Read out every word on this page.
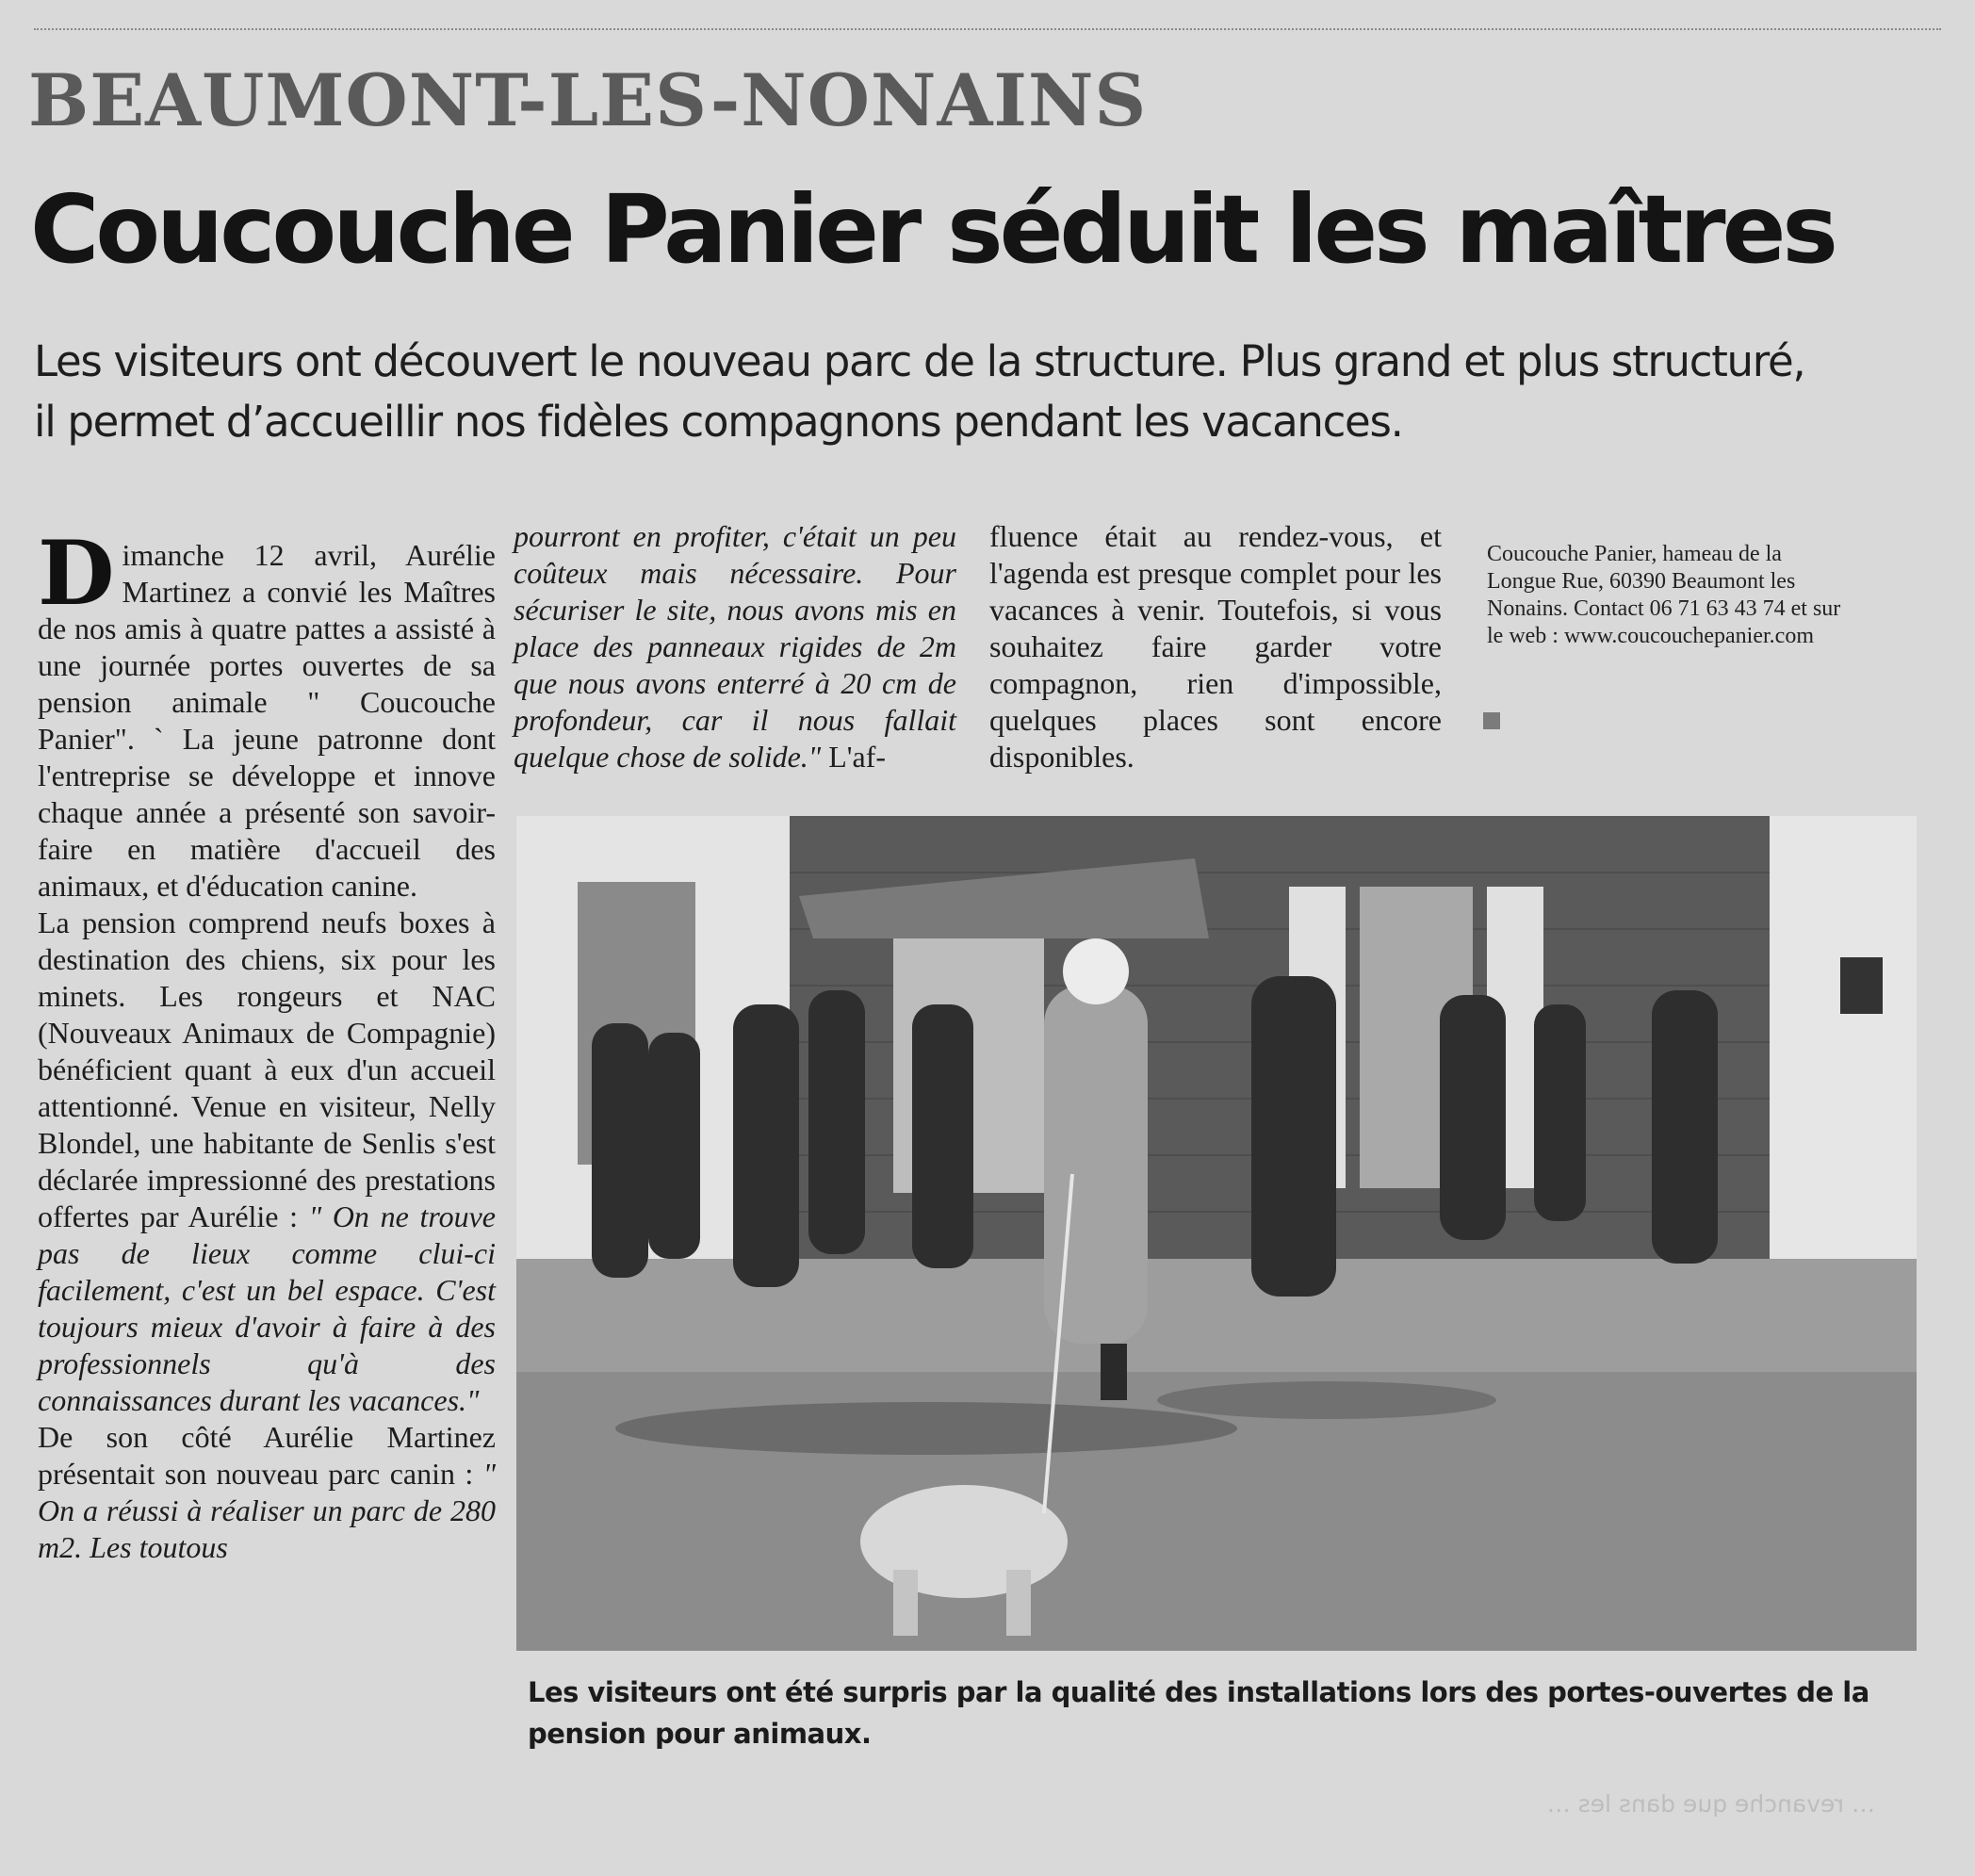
BEAUMONT-LES-NONAINS
Coucouche Panier séduit les maîtres

Les visiteurs ont découvert le nouveau parc de la structure. Plus grand et plus structuré, il permet d’accueillir nos fidèles compagnons pendant les vacances.

Dimanche 12 avril, Aurélie Martinez a convié les Maîtres de nos amis à quatre pattes a assisté à une journée portes ouvertes de sa pension animale " Coucouche Panier". ` La jeune patronne dont l'entreprise se développe et innove chaque année a présenté son savoir-faire en matière d'accueil des animaux, et d'éducation canine.

La pension comprend neufs boxes à destination des chiens, six pour les minets. Les rongeurs et NAC (Nouveaux Animaux de Compagnie) bénéficient quant à eux d'un accueil attentionné. Venue en visiteur, Nelly Blondel, une habitante de Senlis s'est déclarée impressionné des prestations offertes par Aurélie : " On ne trouve pas de lieux comme clui-ci facilement, c'est un bel espace. C'est toujours mieux d'avoir à faire à des professionnels qu'à des connaissances durant les vacances."

De son côté Aurélie Martinez présentait son nouveau parc canin : " On a réussi à réaliser un parc de 280 m2. Les toutous

pourront en profiter, c'était un peu coûteux mais nécessaire. Pour sécuriser le site, nous avons mis en place des panneaux rigides de 2m que nous avons enterré à 20 cm de profondeur, car il nous fallait quelque chose de solide." L'af-

fluence était au rendez-vous, et l'agenda est presque complet pour les vacances à venir. Toutefois, si vous souhaitez faire garder votre compagnon, rien d'impossible, quelques places sont encore disponibles.

Coucouche Panier, hameau de la Longue Rue, 60390 Beaumont les Nonains. Contact 06 71 63 43 74 et sur le web : www.coucouchepanier.com

Les visiteurs ont été surpris par la qualité des installations lors des portes-ouvertes de la pension pour animaux.

… revanche que dans les …
